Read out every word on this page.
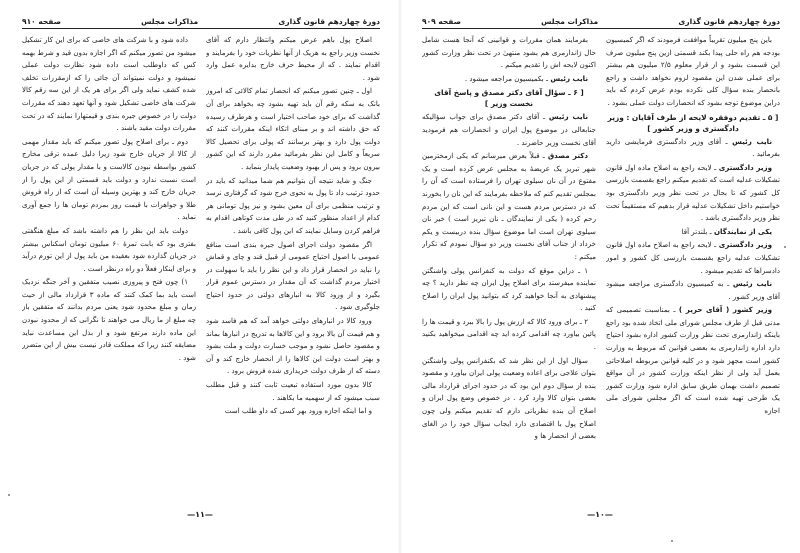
دورهٔ چهاردهم قانون گذاری
مذاکرات مجلس
صفحه ۹۱۰

اصلاح پول باهم عرض میکنم وانتظار دارم که آقای نخست وزیر راجع به هریک از آنها نظریات خود را بفرمایند و اقدام نمایند . که از محیط حرف خارج بدایره عمل وارد شود .

اول ـ چنین تصور میکنم که انحصار تمام کالائی که امروز بانک به سکه رقم آن باید تهیه بشود چه بخواهد برای آن گذاشت که برای خود صاحب اختیار است و هرطرف رسیده که حق داشته اند و بر مبنای اتکاء اینکه مقررات کنند که دولت پول دارد و بهتر برسانند که پولی برای تحصیل کالا سریعاً و کامل این نظر بفرمائید مقرر دارند که این کشور بیرون برود و پس از بهبود وضعیت پایدار بنماید .

جنگ و شاید نتیجه آن بتوانیم هم شما میدانید که باید در حدود ترتیب داد تا پول به نحوی خرج شود که گرفتاری نرسد و ترتیب منظمی برای آن معین بشود و نیز پول تومانی هر کدام از اعداد منظور کنید که در طی مدت کوتاهی اقدام به فراهم کردن وسایل نمایند که این پول کافی باشد .

اگر مقصود دولت اجرای اصول جیره بندی است منافع عمومی با اصول احتیاج عمومی از قبیل قند و چای و قماش را نباید در انحصار قرار داد و این نظر را باید با سهولت در اختیار مردم گذاشت که آن مقدار در دسترس عموم قرار بگیرد و از ورود کالا به انبارهای دولتی در حدود احتیاج جلوگیری شود .

ورود کالا در انبارهای دولتی خواهد آمد که هم فاسد شود و هم قیمت آن بالا برود و این کالاها به تدریج در انبارها بماند و مقصود حاصل نشود و موجب خسارت دولت و ملت بشود و بهتر است دولت این کالاها را از انحصار خارج کند و آن دسته که از طرف دولت خریداری شده فروش برود .

کالا بدون مورد استفاده تبعیت ثابت کنند و قبل مطلب سبب میشود که از سهمیه ما بکاهند .

و اما اینکه اجازه ورود بهر کسی که داو طلب است

داده شود و با شرکت های خاصی که برای این کار تشکیل میشود من تصور میکنم که اگر اجازه بدون قید و شرط بهمه کس که داوطلب است داده شود نظارت دولت عملی نمیشود و دولت نمیتواند آن جائی را که ازمقررات تخلف شده کشف نماید ولی اگر برای هر یک از این سه رقم کالا شرکت های خاصی تشکیل شود و آنها تعهد دهند که مقررات دولت را در خصوص جیره بندی و قیمتهارا نمایند که در تحت مقررات دولت مقید باشند .

دوم ـ برای اصلاح پول تصور میکنم که باید مقدار مهمی از کالا از جریان خارج شود زیرا دلیل عمده ترقی مخارج کشور بواسطه نبودن کالاست و با مقدار پولی که در جریان است نسبت ندارد و دولت باید قسمتی از این پول را از جریان خارج کند و بهترین وسیله آن است که از راه فروش طلا و جواهرات با قیمت روز بمردم تومان ها را جمع آوری نماید .

دولت باید این نظر را هم داشته باشد که مبلغ هنگفتی بفتری بود که بابت تمرهٔ ۶۰ میلیون تومان اسکناس بیشتر در جریان گذارده شود بعقیده من باید پول از این تورم درآید و برای اینکار فعلاً دو راه درنظر است .

۱) چون فتح و پیروزی نصیب متفقین و آخر جنگه نزدیک است باید بما کمک کنند که ماده ۳ قرارداد مالی از حیث زمان و مبلغ محدود شود یعنی مردم بدانند که متفقین باز چه مبلغ از ما ریال می خواهند تا نگرانی که از محدود نبودن این ماده دارند مرتفع شود و از بذل این مساعدت نباید مضایقه کنند زیرا که مملکت قادر نیست بیش از این متضرر شود .

—۱۱—
دورهٔ چهاردهم قانون گذاری
مذاکرات مجلس
صفحه ۹۰۹

باین پنج میلیون تقریباً موافقت فرمودند که اگر کمیسیون بودجه هم راه حلی پیدا بکند قسمتی ازین پنج میلیون صرف این قسمت بشود و از قرار معلوم ۲/۵ میلیون هم بیشتر برای عملی شدن این مقصود لزوم نخواهد داشت و راجع بانحصار بنده سؤال کلی نکرده بودم عرض کردم که باید دراین موضوع توجه بشود که انحصارات دولت عملی بشود .

[ ۵ ـ تقدیم دوفقره لایحه از طرف آقایان : وزیر دادگستری و وزیر کشور ]

نایب رئیس ـ آقای وزیر دادگستری فرمایشی دارید بفرمائید .

وزیر دادگستری ـ لایحه راجع به اصلاح ماده اول قانون تشکیلات عدلیه است که تقدیم میکنم راجع بقسمت بازرسی کل کشور که تا بحال در تحت نظر وزیر دادگستری بود خواستیم داخل تشکیلات عدلیه قرار بدهیم که مستقیماً تحت نظر وزیر دادگستری باشد .

یکی از نمایندگان ـ بلندتر آقا

وزیر دادگستری ـ لایحه راجع به اصلاح ماده اول قانون تشکیلات عدلیه راجع بقسمت بازرسی کل کشور و امور دادسراها که تقدیم میشود .

نایب رئیس ـ به کمیسیون دادگستری مراجعه میشود آقای وزیر کشور .

وزیر کشور ( آقای حریر ) ـ بمناسبت تصمیمی که مدتی قبل از طرف مجلس شورای ملی اتخاذ شده بود راجع باینکه ژاندارمری تحت نظر وزارت کشور اداره بشود احتیاج دارد اداره ژاندارمری به بعضی قوانین که مربوط به وزارت کشور است مجهز شود و در کلیه قوانین مربوطه اصلاحاتی بعمل آید ولی از نظر اینکه وزارت کشور در آن مواقع تصمیم داشت بهمان طریق سابق اداره شود وزارت کشور یک طرحی تهیه شده است که اگر مجلس شورای ملی اجازه

بفرمایند همان مقررات و قوانینی که آنجا هست شامل حال ژاندارمری هم بشود منتهیٰ در تحت نظر وزارت کشور اکنون لایحه اش را تقدیم میکنم .

نایب رئیس ـ بکمیسیون مراجعه میشود .

[ ۶ ـ سؤال آقای دکتر مصدق و پاسخ آقای نخست وزیر ]

نایب رئیس ـ آقای دکتر مصدق برای جواب سؤالیکه جنابعالی در موضوع پول ایران و انحصارات هم فرمودید آقای نخست وزیر حاضرند .

دکتر مصدق ـ قبلاً بعرض میرسانم که یکی ازمحترمین شهر تبریز یک عریضهٔ به مجلس عرض کرده است و یک مفتوع در آن نان سیلوی تهران را فرستاده است که آن را بمجلس تقدیم کنم که ملاحظه بفرمایند که این نان را بخورند که در دسترس مردم هست و این نانی است که این مردم رحم کرده ( یکی از نمایندگان ـ نان تبریز است ) خیر نان سیلوی تهران است اما موضوع سؤال بنده دربیست و یکم خرداد از جناب آقای نخست وزیر دو سؤال نمودم که تکرار میکنم :

۱ ـ دراین موقع که دولت به کنفرانس پولی واشنگتن نماینده میفرستد برای اصلاح پول ایران چه نظر دارید ؟ چه پیشنهادی به آنجا خواهید کرد که بتوانید پول ایران را اصلاح کنید .

۲ ـ برای ورود کالا که ارزش پول را بالا ببرد و قیمت ها را پائین بیاورد چه اقدامی کرده اید چه اقدامی میخواهید بکنید .

سؤال اول از این نظر شد که بکنفرانس پولی واشنگتن بتوان علاجی برای اعاده وضعیت پولی ایران بیاورد و مقصود بنده از سؤال دوم این بود که در حدود اجرای قرارداد مالی بعضی بتوان کالا وارد کرد . در خصوص وضع پول ایران و اصلاح آن بنده نظریاتی دارم که تقدیم میکنم ولی چون اصلاح پول با اقتصادی دارد ایجاب سؤال خود را در الغای بعضی از انحصار ها و

—۱۰—
